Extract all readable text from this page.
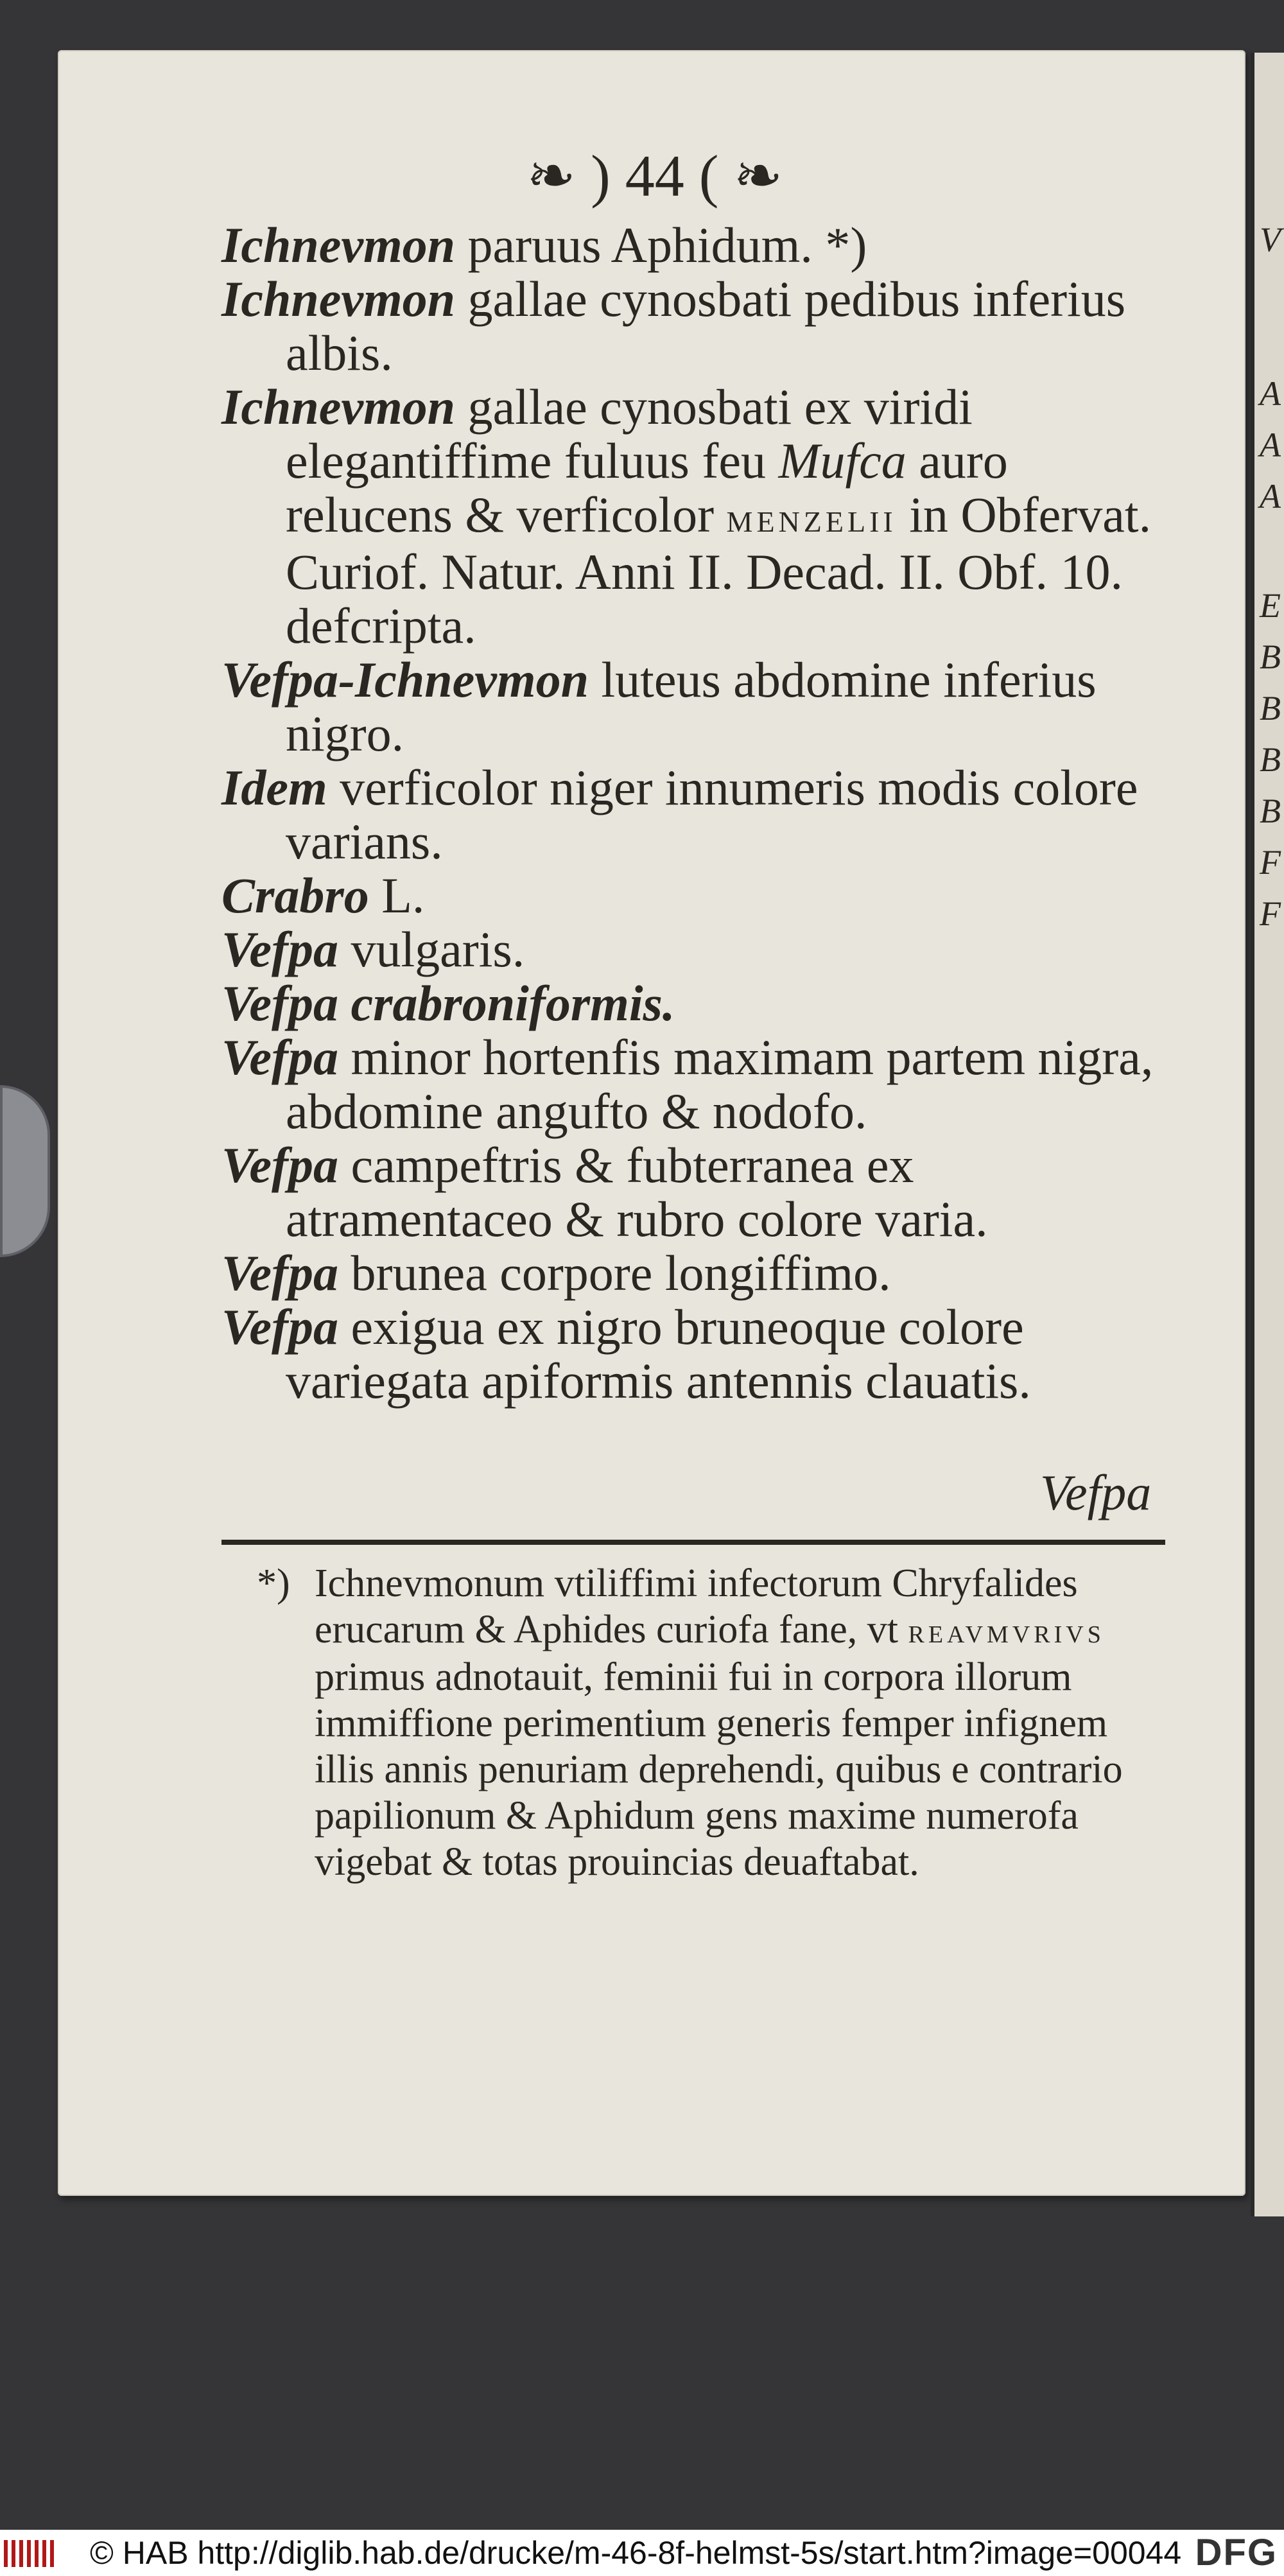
V
A
A
A
E
B
B
B
B
F
F
❧ ) 44 ( ❧

Ichnevmon paruus Aphidum. *)

Ichnevmon gallae cynosbati pedibus inferius albis.

Ichnevmon gallae cynosbati ex viridi elegantiffime fuluus feu Mufca auro relucens & verficolor menzelii in Obfervat. Curiof. Natur. Anni II. Decad. II. Obf. 10. defcripta.

Vefpa-Ichnevmon luteus abdomine inferius nigro.

Idem verficolor niger innumeris modis colore varians.

Crabro L.

Vefpa vulgaris.

Vefpa crabroniformis.

Vefpa minor hortenfis maximam partem nigra, abdomine angufto & nodofo.

Vefpa campeftris & fubterranea ex atramentaceo & rubro colore varia.

Vefpa brunea corpore longiffimo.

Vefpa exigua ex nigro bruneoque colore variegata apiformis antennis clauatis.

Vefpa
*) Ichnevmonum vtiliffimi infectorum Chryfalides erucarum & Aphides curiofa fane, vt reavmvrivs primus adnotauit, feminii fui in corpora illorum immiffione perimentium generis femper infignem illis annis penuriam deprehendi, quibus e contrario papilionum & Aphidum gens maxime numerofa vigebat & totas prouincias deuaftabat.
© HAB http://diglib.hab.de/drucke/m-46-8f-helmst-5s/start.htm?image=00044 DFG
